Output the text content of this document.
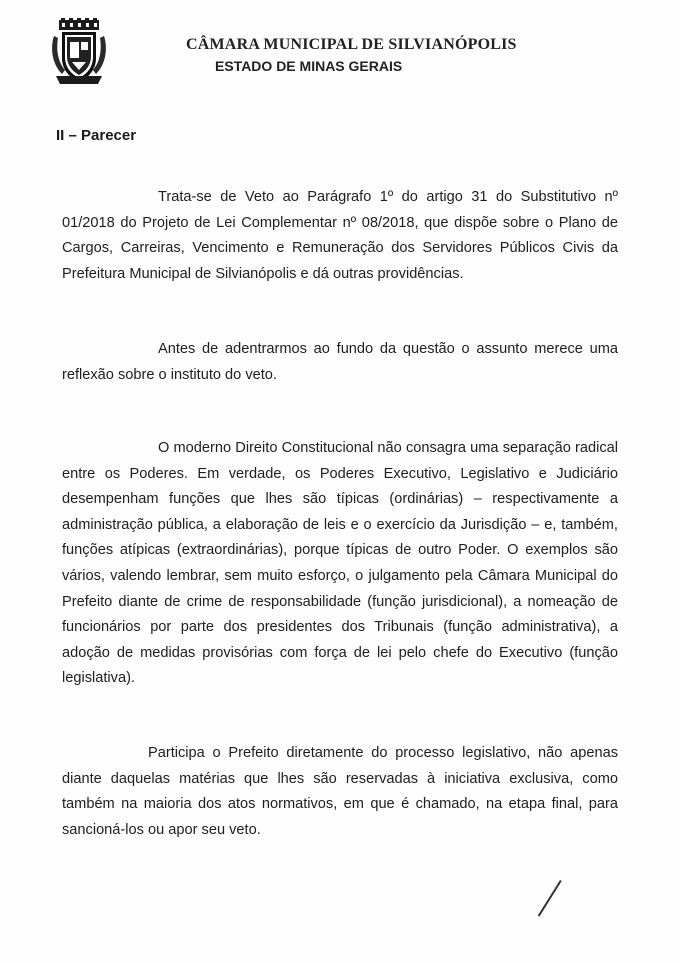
CÂMARA MUNICIPAL DE SILVIANÓPOLIS
ESTADO DE MINAS GERAIS
II – Parecer
Trata-se de Veto ao Parágrafo 1º do artigo 31 do Substitutivo nº 01/2018 do Projeto de Lei Complementar nº 08/2018, que dispõe sobre o Plano de Cargos, Carreiras, Vencimento e Remuneração dos Servidores Públicos Civis da Prefeitura Municipal de Silvianópolis e dá outras providências.
Antes de adentrarmos ao fundo da questão o assunto merece uma reflexão sobre o instituto do veto.
O moderno Direito Constitucional não consagra uma separação radical entre os Poderes. Em verdade, os Poderes Executivo, Legislativo e Judiciário desempenham funções que lhes são típicas (ordinárias) – respectivamente a administração pública, a elaboração de leis e o exercício da Jurisdição – e, também, funções atípicas (extraordinárias), porque típicas de outro Poder. O exemplos são vários, valendo lembrar, sem muito esforço, o julgamento pela Câmara Municipal do Prefeito diante de crime de responsabilidade (função jurisdicional), a nomeação de funcionários por parte dos presidentes dos Tribunais (função administrativa), a adoção de medidas provisórias com força de lei pelo chefe do Executivo (função legislativa).
Participa o Prefeito diretamente do processo legislativo, não apenas diante daquelas matérias que lhes são reservadas à iniciativa exclusiva, como também na maioria dos atos normativos, em que é chamado, na etapa final, para sancioná-los ou apor seu veto.
